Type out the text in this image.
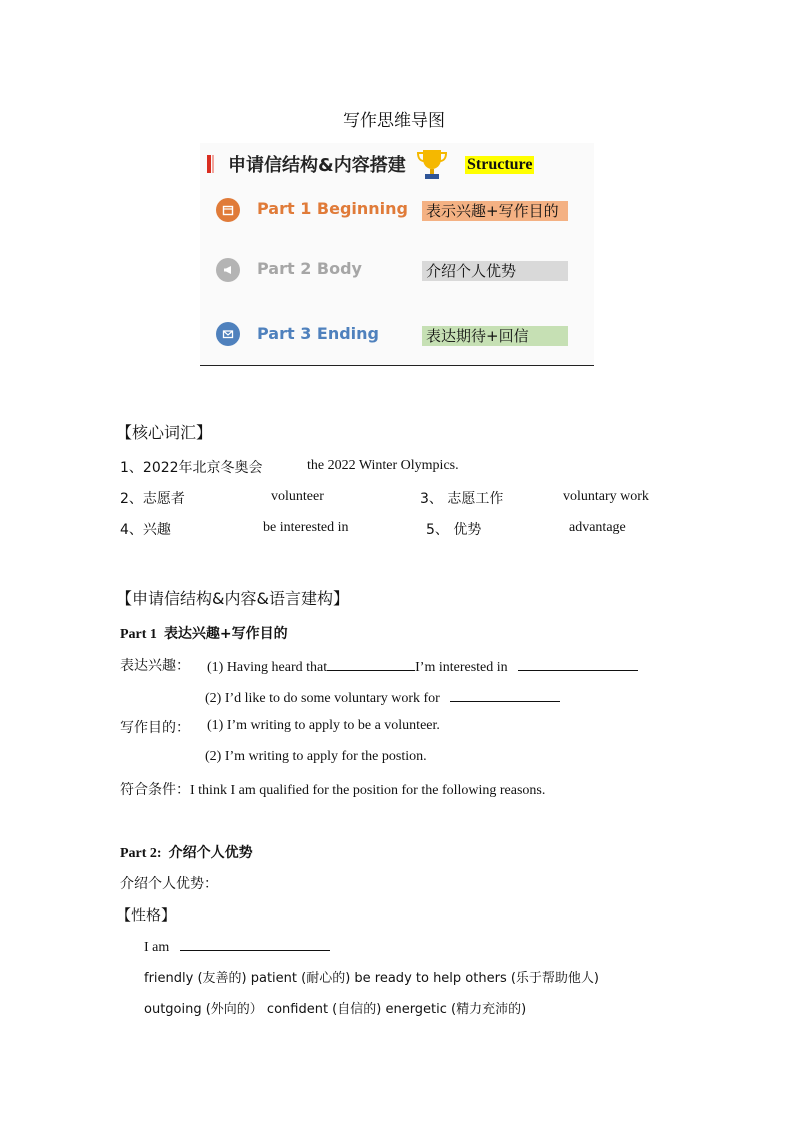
写作思维导图
申请信结构&内容搭建	Structure
Part 1 Beginning 表示兴趣+写作目的
Part 2 Body	介绍个人优势
Part 3 Ending	表达期待+回信
【核心词汇】
1、2022年北京冬奥会	the 2022 Winter Olympics.
2、志愿者	volunteer	3、 志愿工作	voluntary work
4、兴趣	be interested in	5、 优势	advantage
【申请信结构&内容&语言建构】
Part 1 表达兴趣+写作目的
表达兴趣： (1) Having heard that	I’m interested in
(2) I’d like to do some voluntary work for
写作目的： (1) I’m writing to apply to be a volunteer.
(2) I’m writing to apply for the postion.
符合条件：I think I am qualified for the position for the following reasons.
Part 2: 介绍个人优势
介绍个人优势：
【性格】
I am
friendly (友善的) patient (耐心的) be ready to help others (乐于帮助他人)
outgoing (外向的） confident (自信的) energetic (精力充沛的)
